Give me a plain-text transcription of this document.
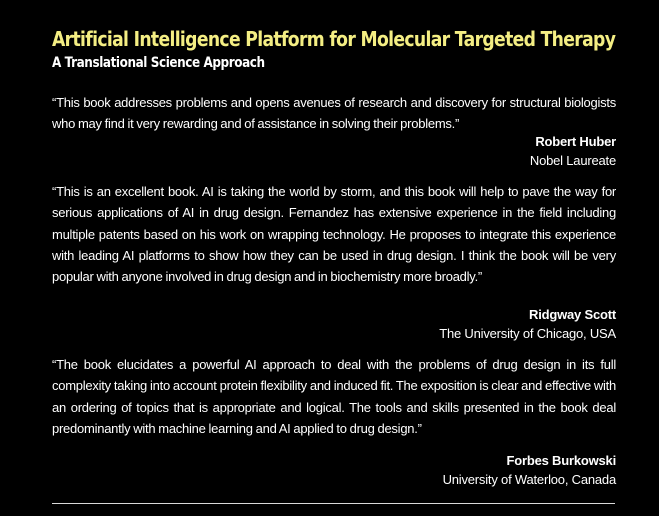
Artificial Intelligence Platform for Molecular Targeted Therapy
A Translational Science Approach
“This book addresses problems and opens avenues of research and discovery for structural biologists who may find it very rewarding and of assistance in solving their problems.”
Robert Huber
Nobel Laureate
“This is an excellent book. AI is taking the world by storm, and this book will help to pave the way for serious applications of AI in drug design. Fernandez has extensive experience in the field including multiple patents based on his work on wrapping technology. He proposes to integrate this experience with leading AI platforms to show how they can be used in drug design. I think the book will be very popular with anyone involved in drug design and in biochemistry more broadly.”
Ridgway Scott
The University of Chicago, USA
“The book elucidates a powerful AI approach to deal with the problems of drug design in its full complexity taking into account protein flexibility and induced fit. The exposition is clear and effective with an ordering of topics that is appropriate and logical. The tools and skills presented in the book deal predominantly with machine learning and AI applied to drug design.”
Forbes Burkowski
University of Waterloo, Canada
